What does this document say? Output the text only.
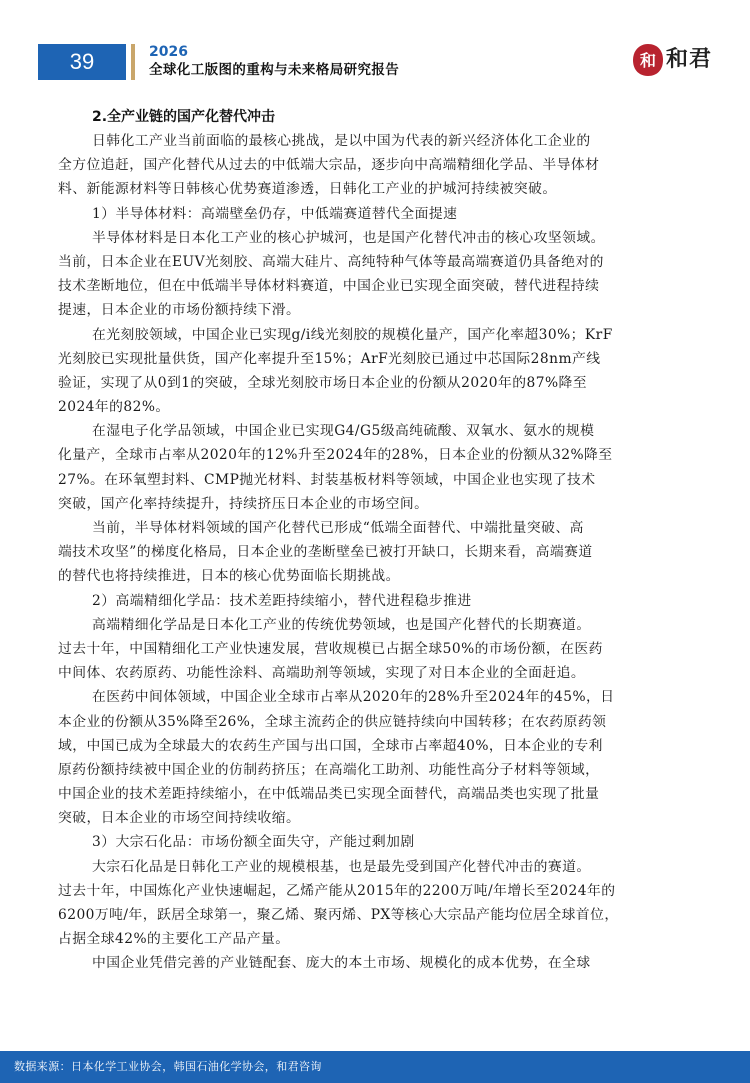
39	2026
全球化工版图的重构与未来格局研究报告	和 和君
2.全产业链的国产化替代冲击

日韩化工产业当前面临的最核心挑战，是以中国为代表的新兴经济体化工企业的
全方位追赶，国产化替代从过去的中低端大宗品，逐步向中高端精细化学品、半导体材
料、新能源材料等日韩核心优势赛道渗透，日韩化工产业的护城河持续被突破。

1）半导体材料：高端壁垒仍存，中低端赛道替代全面提速

半导体材料是日本化工产业的核心护城河，也是国产化替代冲击的核心攻坚领域。
当前，日本企业在EUV光刻胶、高端大硅片、高纯特种气体等最高端赛道仍具备绝对的
技术垄断地位，但在中低端半导体材料赛道，中国企业已实现全面突破，替代进程持续
提速，日本企业的市场份额持续下滑。

在光刻胶领域，中国企业已实现g/i线光刻胶的规模化量产，国产化率超30%；KrF
光刻胶已实现批量供货，国产化率提升至15%；ArF光刻胶已通过中芯国际28nm产线
验证，实现了从0到1的突破，全球光刻胶市场日本企业的份额从2020年的87%降至
2024年的82%。

在湿电子化学品领域，中国企业已实现G4/G5级高纯硫酸、双氧水、氨水的规模
化量产，全球市占率从2020年的12%升至2024年的28%，日本企业的份额从32%降至
27%。在环氧塑封料、CMP抛光材料、封装基板材料等领域，中国企业也实现了技术
突破，国产化率持续提升，持续挤压日本企业的市场空间。

当前，半导体材料领域的国产化替代已形成“低端全面替代、中端批量突破、高
端技术攻坚”的梯度化格局，日本企业的垄断壁垒已被打开缺口，长期来看，高端赛道
的替代也将持续推进，日本的核心优势面临长期挑战。

2）高端精细化学品：技术差距持续缩小，替代进程稳步推进

高端精细化学品是日本化工产业的传统优势领域，也是国产化替代的长期赛道。
过去十年，中国精细化工产业快速发展，营收规模已占据全球50%的市场份额，在医药
中间体、农药原药、功能性涂料、高端助剂等领域，实现了对日本企业的全面赶追。

在医药中间体领域，中国企业全球市占率从2020年的28%升至2024年的45%，日
本企业的份额从35%降至26%，全球主流药企的供应链持续向中国转移；在农药原药领
域，中国已成为全球最大的农药生产国与出口国，全球市占率超40%，日本企业的专利
原药份额持续被中国企业的仿制药挤压；在高端化工助剂、功能性高分子材料等领域，
中国企业的技术差距持续缩小，在中低端品类已实现全面替代，高端品类也实现了批量
突破，日本企业的市场空间持续收缩。

3）大宗石化品：市场份额全面失守，产能过剩加剧

大宗石化品是日韩化工产业的规模根基，也是最先受到国产化替代冲击的赛道。
过去十年，中国炼化产业快速崛起，乙烯产能从2015年的2200万吨/年增长至2024年的
6200万吨/年，跃居全球第一，聚乙烯、聚丙烯、PX等核心大宗品产能均位居全球首位，
占据全球42%的主要化工产品产量。

中国企业凭借完善的产业链配套、庞大的本土市场、规模化的成本优势，在全球

数据来源：日本化学工业协会，韩国石油化学协会，和君咨询
